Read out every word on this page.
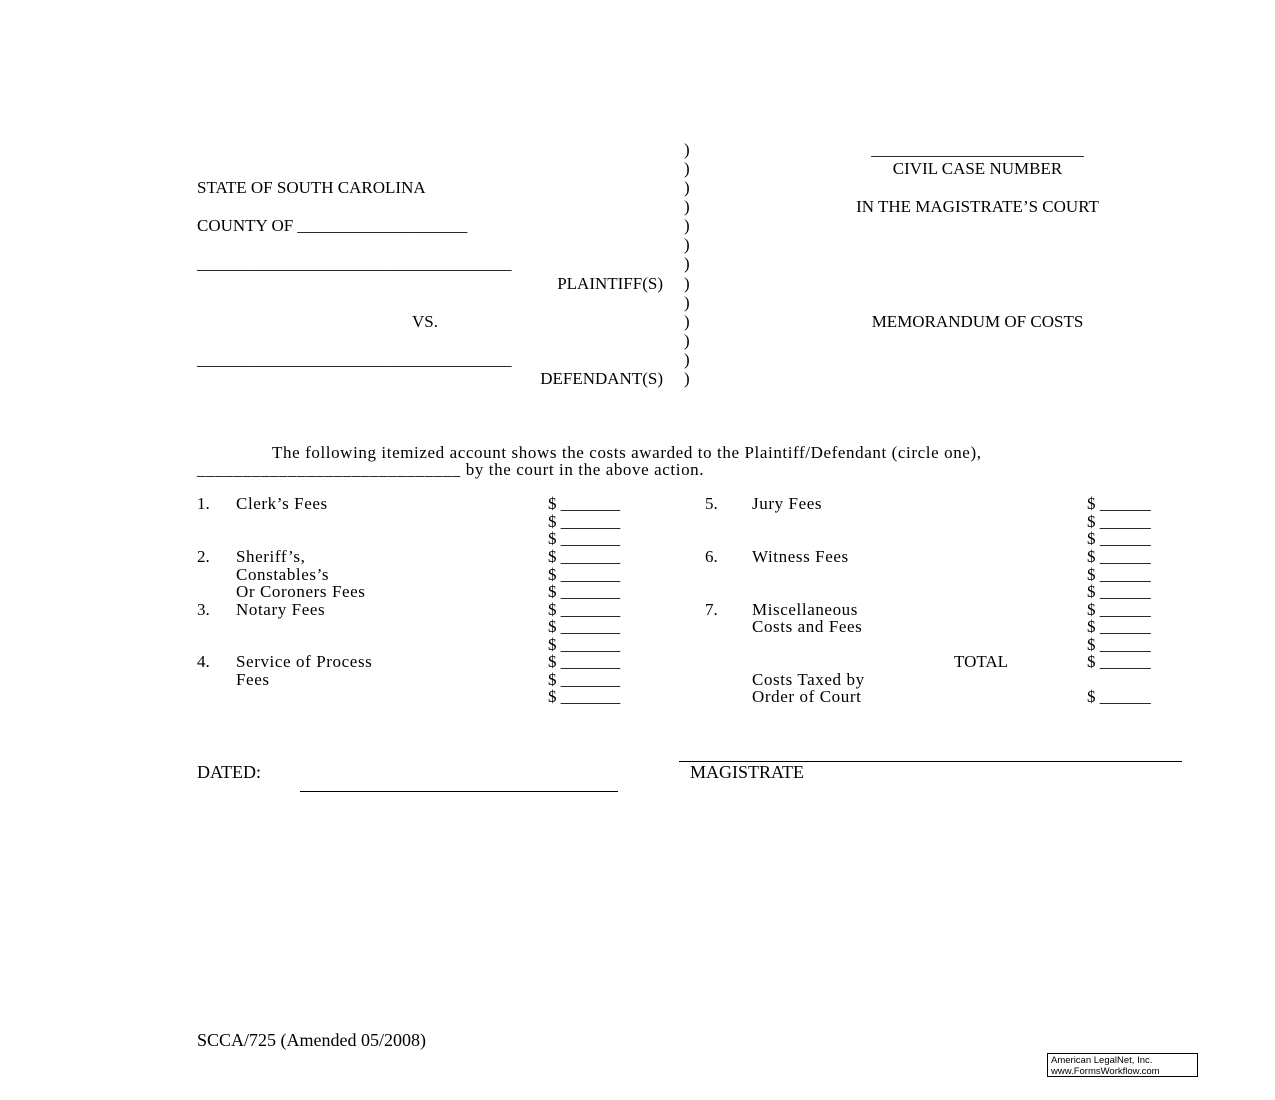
STATE OF SOUTH CAROLINA
COUNTY OF ____________________
_____________________________________
PLAINTIFF(S)
VS.
_____________________________________
DEFENDANT(S)
)
)
)
)
)
)
)
)
)
)
)
)
)
_________________________
CIVIL CASE NUMBER
IN THE MAGISTRATE’S COURT
MEMORANDUM OF COSTS
The following itemized account shows the costs awarded to the Plaintiff/Defendant (circle one),
_____________________________ by the court in the above action.
1. Clerk’s Fees	$ _______
$ _______
$ _______
2. Sheriff’s,
Constables’s
Or Coroners Fees
$ _______
$ _______
$ _______
3. Notary Fees	$ _______
$ _______
$ _______
4. Service of Process
Fees
$ _______
$ _______
$ _______
5. Jury Fees	$ ______
$ ______
$ ______
6. Witness Fees	$ ______
$ ______
$ ______
7. Miscellaneous
Costs and Fees
$ ______
$ ______
$ ______
TOTAL	$ ______
Costs Taxed by
Order of Court	$ ______
DATED:	MAGISTRATE
SCCA/725 (Amended 05/2008)
American LegalNet, Inc.
www.FormsWorkflow.com
